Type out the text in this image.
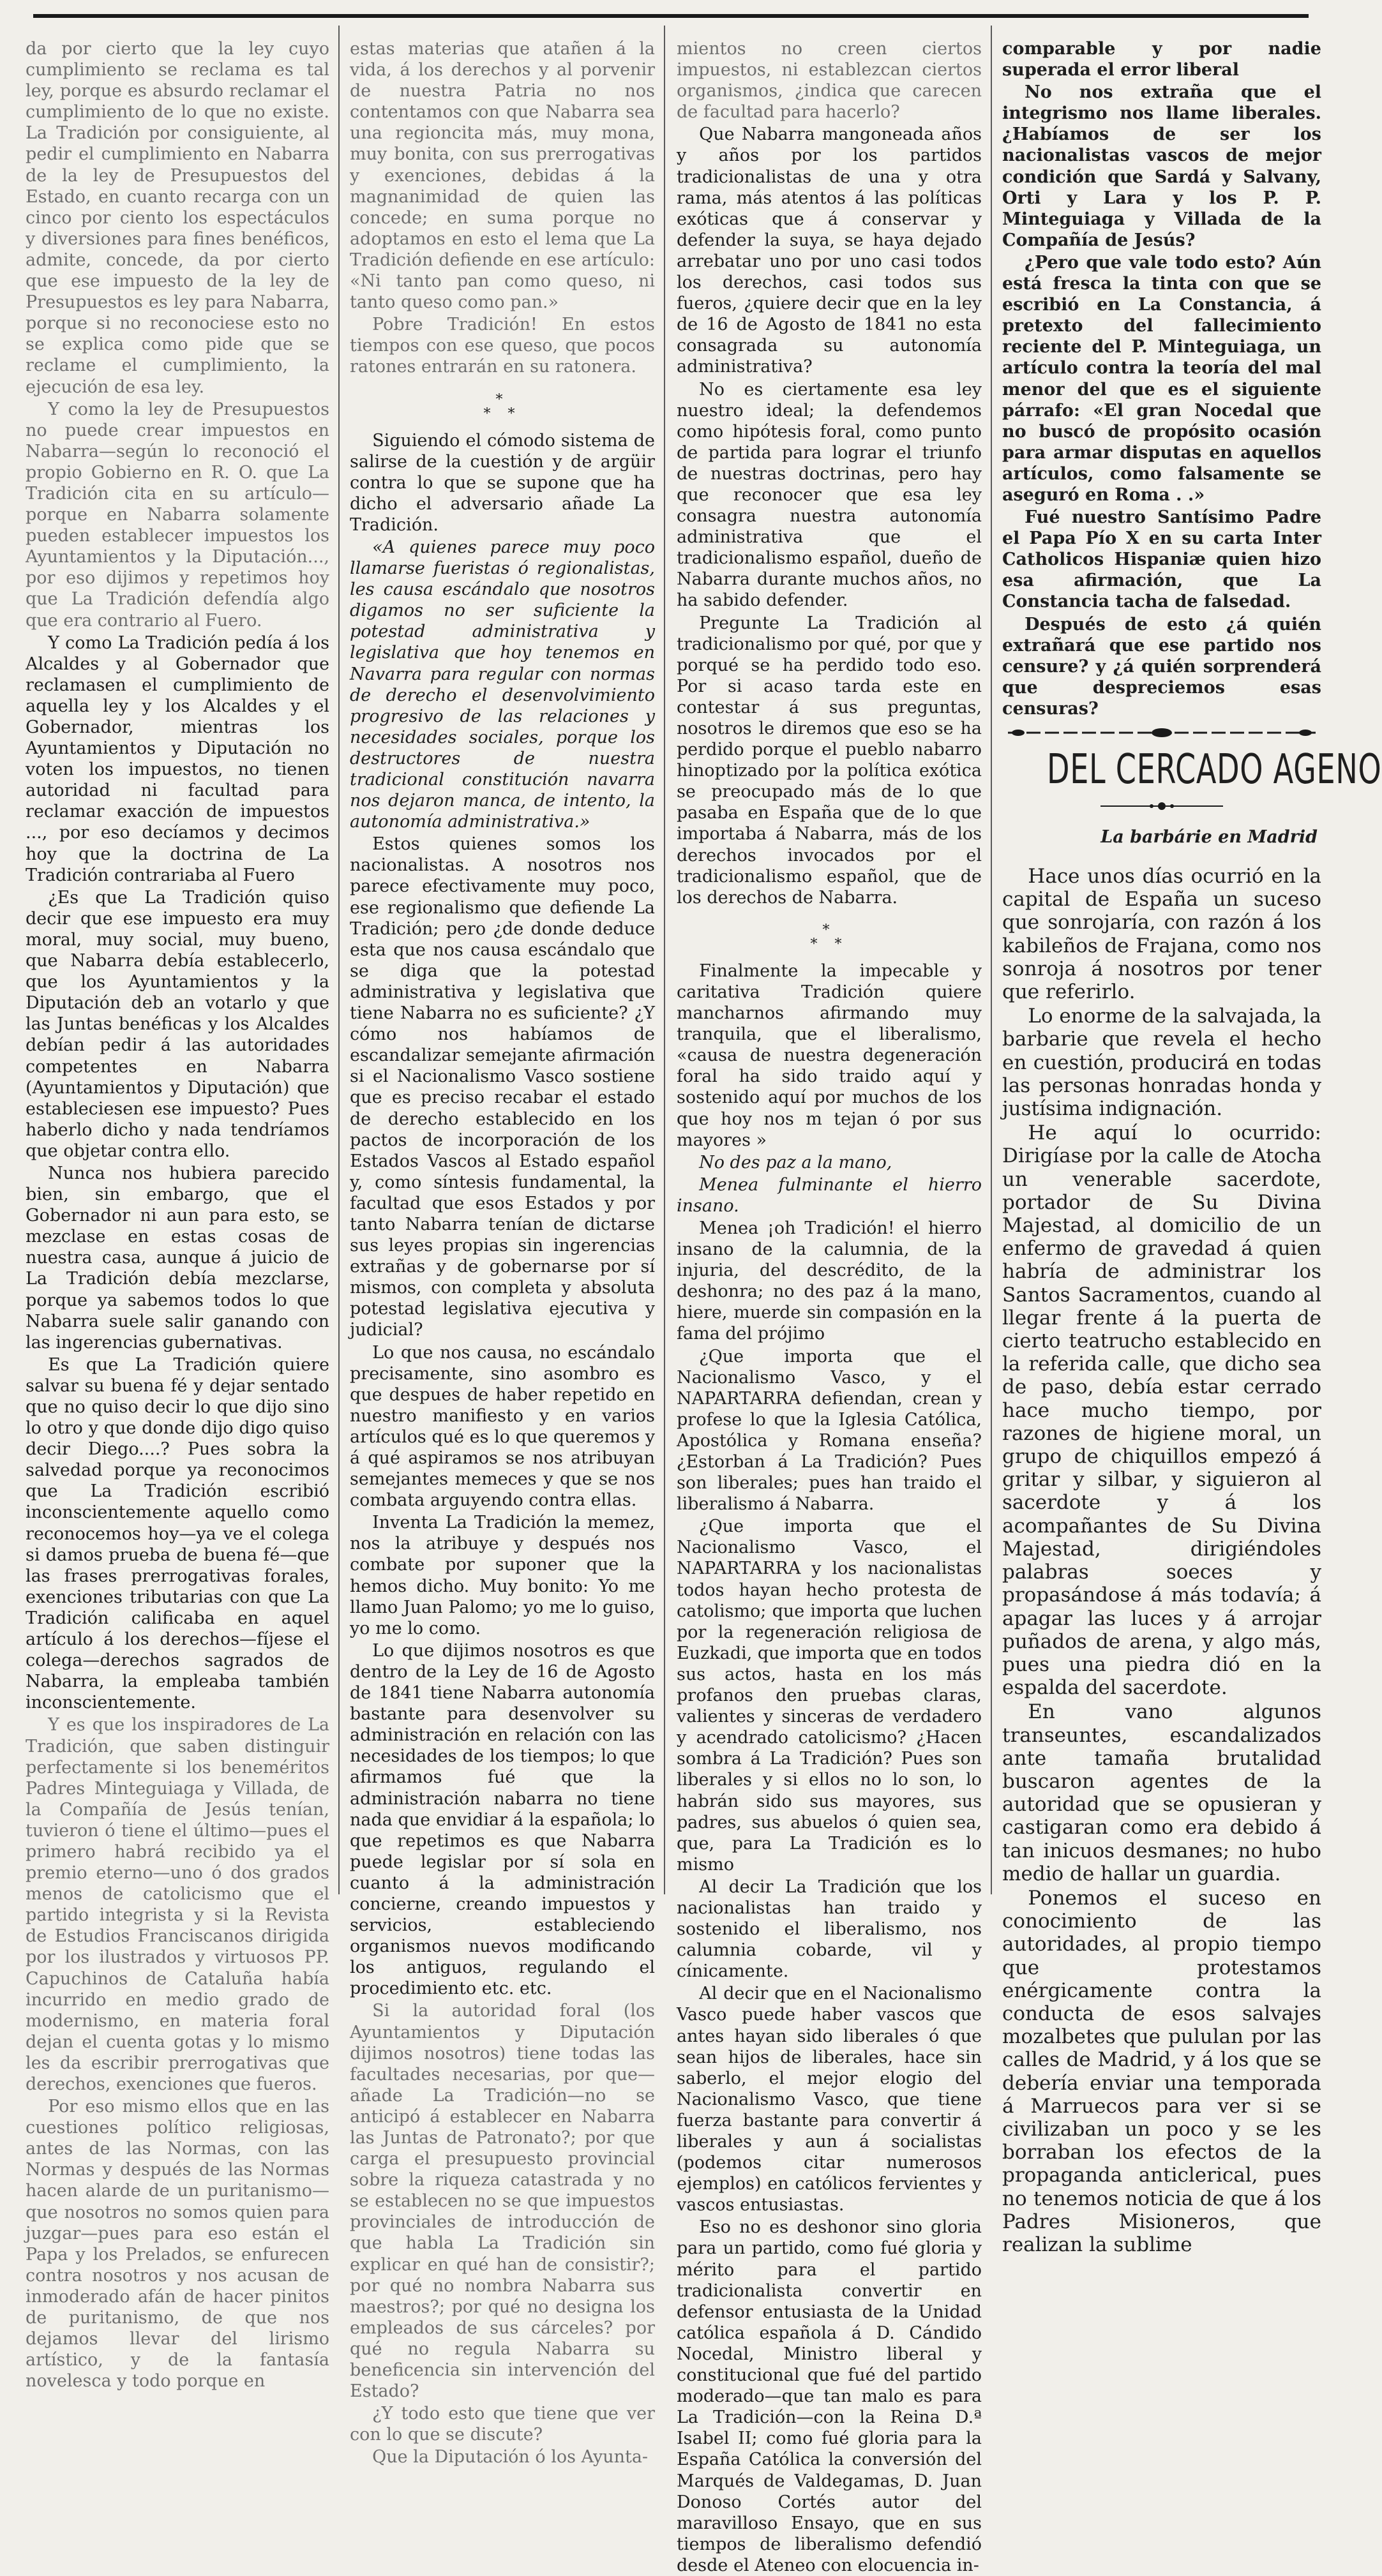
da por cierto que la ley cuyo cumplimiento se reclama es tal ley, porque es absurdo reclamar el cumplimiento de lo que no existe. La Tradición por consiguiente, al pedir el cumplimiento en Nabarra de la ley de Presupuestos del Estado, en cuanto recarga con un cinco por ciento los espectáculos y diversiones para fines benéficos, admite, concede, da por cierto que ese impuesto de la ley de Presupuestos es ley para Nabarra, porque si no reconociese esto no se explica como pide que se reclame el cumplimiento, la ejecución de esa ley.

Y como la ley de Presupuestos no puede crear impuestos en Nabarra—según lo reconoció el propio Gobierno en R. O. que La Tradición cita en su artículo—porque en Nabarra solamente pueden establecer impuestos los Ayuntamientos y la Diputación..., por eso dijimos y repetimos hoy que La Tradición defendía algo que era contrario al Fuero.

Y como La Tradición pedía á los Alcaldes y al Gobernador que reclamasen el cumplimiento de aquella ley y los Alcaldes y el Gobernador, mientras los Ayuntamientos y Diputación no voten los impuestos, no tienen autoridad ni facultad para reclamar exacción de impuestos ..., por eso decíamos y decimos hoy que la doctrina de La Tradición contrariaba al Fuero

¿Es que La Tradición quiso decir que ese impuesto era muy moral, muy social, muy bueno, que Nabarra debía establecerlo, que los Ayuntamientos y la Diputación deb an votarlo y que las Juntas benéficas y los Alcaldes debían pedir á las autoridades competentes en Nabarra (Ayuntamientos y Diputación) que estableciesen ese impuesto? Pues haberlo dicho y nada tendríamos que objetar contra ello.

Nunca nos hubiera parecido bien, sin embargo, que el Gobernador ni aun para esto, se mezclase en estas cosas de nuestra casa, aunque á juicio de La Tradición debía mezclarse, porque ya sabemos todos lo que Nabarra suele salir ganando con las ingerencias gubernativas.

Es que La Tradición quiere salvar su buena fé y dejar sentado que no quiso decir lo que dijo sino lo otro y que donde dijo digo quiso decir Diego....? Pues sobra la salvedad porque ya reconocimos que La Tradición escribió inconscientemente aquello como reconocemos hoy—ya ve el colega si damos prueba de buena fé—que las frases prerrogativas forales, exenciones tributarias con que La Tradición calificaba en aquel artículo á los derechos—fíjese el colega—derechos sagrados de Nabarra, la empleaba también inconscientemente.

Y es que los inspiradores de La Tradición, que saben distinguir perfectamente si los beneméritos Padres Minteguiaga y Villada, de la Compañía de Jesús tenían, tuvieron ó tiene el último—pues el primero habrá recibido ya el premio eterno—uno ó dos grados menos de catolicismo que el partido integrista y si la Revista de Estudios Franciscanos dirigida por los ilustrados y virtuosos PP. Capuchinos de Cataluña había incurrido en medio grado de modernismo, en materia foral dejan el cuenta gotas y lo mismo les da escribir prerrogativas que derechos, exenciones que fueros.

Por eso mismo ellos que en las cuestiones político religiosas, antes de las Normas, con las Normas y después de las Normas hacen alarde de un puritanismo—que nosotros no somos quien para juzgar—pues para eso están el Papa y los Prelados, se enfurecen contra nosotros y nos acusan de inmoderado afán de hacer pinitos de puritanismo, de que nos dejamos llevar del lirismo artístico, y de la fantasía novelesca y todo porque en

estas materias que atañen á la vida, á los derechos y al porvenir de nuestra Patria no nos contentamos con que Nabarra sea una regioncita más, muy mona, muy bonita, con sus prerrogativas y exenciones, debidas á la magnanimidad de quien las concede; en suma porque no adoptamos en esto el lema que La Tradición defiende en ese artículo: «Ni tanto pan como queso, ni tanto queso como pan.»

Pobre Tradición! En estos tiempos con ese queso, que pocos ratones entrarán en su ratonera.

*
* *

Siguiendo el cómodo sistema de salirse de la cuestión y de argüir contra lo que se supone que ha dicho el adversario añade La Tradición.

«A quienes parece muy poco llamarse fueristas ó regionalistas, les causa escándalo que nosotros digamos no ser suficiente la potestad administrativa y legislativa que hoy tenemos en Navarra para regular con normas de derecho el desenvolvimiento progresivo de las relaciones y necesidades sociales, porque los destructores de nuestra tradicional constitución navarra nos dejaron manca, de intento, la autonomía administrativa.»

Estos quienes somos los nacionalistas. A nosotros nos parece efectivamente muy poco, ese regionalismo que defiende La Tradición; pero ¿de donde deduce esta que nos causa escándalo que se diga que la potestad administrativa y legislativa que tiene Nabarra no es suficiente? ¿Y cómo nos habíamos de escandalizar semejante afirmación si el Nacionalismo Vasco sostiene que es preciso recabar el estado de derecho establecido en los pactos de incorporación de los Estados Vascos al Estado español y, como síntesis fundamental, la facultad que esos Estados y por tanto Nabarra tenían de dictarse sus leyes propias sin ingerencias extrañas y de gobernarse por sí mismos, con completa y absoluta potestad legislativa ejecutiva y judicial?

Lo que nos causa, no escándalo precisamente, sino asombro es que despues de haber repetido en nuestro manifiesto y en varios artículos qué es lo que queremos y á qué aspiramos se nos atribuyan semejantes memeces y que se nos combata arguyendo contra ellas.

Inventa La Tradición la memez, nos la atribuye y después nos combate por suponer que la hemos dicho. Muy bonito: Yo me llamo Juan Palomo; yo me lo guiso, yo me lo como.

Lo que dijimos nosotros es que dentro de la Ley de 16 de Agosto de 1841 tiene Nabarra autonomía bastante para desenvolver su administración en relación con las necesidades de los tiempos; lo que afirmamos fué que la administración nabarra no tiene nada que envidiar á la española; lo que repetimos es que Nabarra puede legislar por sí sola en cuanto á la administración concierne, creando impuestos y servicios, estableciendo organismos nuevos modificando los antiguos, regulando el procedimiento etc. etc.

Si la autoridad foral (los Ayuntamientos y Diputación dijimos nosotros) tiene todas las facultades necesarias, por que—añade La Tradición—no se anticipó á establecer en Nabarra las Juntas de Patronato?; por que carga el presupuesto provincial sobre la riqueza catastrada y no se establecen no se que impuestos provinciales de introducción de que habla La Tradición sin explicar en qué han de consistir?; por qué no nombra Nabarra sus maestros?; por qué no designa los empleados de sus cárceles? por qué no regula Nabarra su beneficencia sin intervención del Estado?

¿Y todo esto que tiene que ver con lo que se discute?

Que la Diputación ó los Ayunta-

mientos no creen ciertos impuestos, ni establezcan ciertos organismos, ¿indica que carecen de facultad para hacerlo?

Que Nabarra mangoneada años y años por los partidos tradicionalistas de una y otra rama, más atentos á las políticas exóticas que á conservar y defender la suya, se haya dejado arrebatar uno por uno casi todos los derechos, casi todos sus fueros, ¿quiere decir que en la ley de 16 de Agosto de 1841 no esta consagrada su autonomía administrativa?

No es ciertamente esa ley nuestro ideal; la defendemos como hipótesis foral, como punto de partida para lograr el triunfo de nuestras doctrinas, pero hay que reconocer que esa ley consagra nuestra autonomía administrativa que el tradicionalismo español, dueño de Nabarra durante muchos años, no ha sabido defender.

Pregunte La Tradición al tradicionalismo por qué, por que y porqué se ha perdido todo eso. Por si acaso tarda este en contestar á sus preguntas, nosotros le diremos que eso se ha perdido porque el pueblo nabarro hinoptizado por la política exótica se preocupado más de lo que pasaba en España que de lo que importaba á Nabarra, más de los derechos invocados por el tradicionalismo español, que de los derechos de Nabarra.

*
* *

Finalmente la impecable y caritativa Tradición quiere mancharnos afirmando muy tranquila, que el liberalismo, «causa de nuestra degeneración foral ha sido traido aquí y sostenido aquí por muchos de los que hoy nos m tejan ó por sus mayores »

No des paz a la mano,

Menea fulminante el hierro insano.

Menea ¡oh Tradición! el hierro insano de la calumnia, de la injuria, del descrédito, de la deshonra; no des paz á la mano, hiere, muerde sin compasión en la fama del prójimo

¿Que importa que el Nacionalismo Vasco, y el NAPARTARRA defiendan, crean y profese lo que la Iglesia Católica, Apostólica y Romana enseña? ¿Estorban á La Tradición? Pues son liberales; pues han traido el liberalismo á Nabarra.

¿Que importa que el Nacionalismo Vasco, el NAPARTARRA y los nacionalistas todos hayan hecho protesta de catolismo; que importa que luchen por la regeneración religiosa de Euzkadi, que importa que en todos sus actos, hasta en los más profanos den pruebas claras, valientes y sinceras de verdadero y acendrado catolicismo? ¿Hacen sombra á La Tradición? Pues son liberales y si ellos no lo son, lo habrán sido sus mayores, sus padres, sus abuelos ó quien sea, que, para La Tradición es lo mismo

Al decir La Tradición que los nacionalistas han traido y sostenido el liberalismo, nos calumnia cobarde, vil y cínicamente.

Al decir que en el Nacionalismo Vasco puede haber vascos que antes hayan sido liberales ó que sean hijos de liberales, hace sin saberlo, el mejor elogio del Nacionalismo Vasco, que tiene fuerza bastante para convertir á liberales y aun á socialistas (podemos citar numerosos ejemplos) en católicos fervientes y vascos entusiastas.

Eso no es deshonor sino gloria para un partido, como fué gloria y mérito para el partido tradicionalista convertir en defensor entusiasta de la Unidad católica española á D. Cándido Nocedal, Ministro liberal y constitucional que fué del partido moderado—que tan malo es para La Tradición—con la Reina D.ª Isabel II; como fué gloria para la España Católica la conversión del Marqués de Valdegamas, D. Juan Donoso Cortés autor del maravilloso Ensayo, que en sus tiempos de liberalismo defendió desde el Ateneo con elocuencia in-

comparable y por nadie superada el error liberal

No nos extraña que el integrismo nos llame liberales. ¿Habíamos de ser los nacionalistas vascos de mejor condición que Sardá y Salvany, Orti y Lara y los P. P. Minteguiaga y Villada de la Compañía de Jesús?

¿Pero que vale todo esto? Aún está fresca la tinta con que se escribió en La Constancia, á pretexto del fallecimiento reciente del P. Minteguiaga, un artículo contra la teoría del mal menor del que es el siguiente párrafo: «El gran Nocedal que no buscó de propósito ocasión para armar disputas en aquellos artículos, como falsamente se aseguró en Roma . .»

Fué nuestro Santísimo Padre el Papa Pío X en su carta Inter Catholicos Hispaniæ quien hizo esa afirmación, que La Constancia tacha de falsedad.

Después de esto ¿á quién extrañará que ese partido nos censure? y ¿á quién sorprenderá que despreciemos esas censuras?

DEL CERCADO AGENO
La barbárie en Madrid

Hace unos días ocurrió en la capital de España un suceso que sonrojaría, con razón á los kabileños de Frajana, como nos sonroja á nosotros por tener que referirlo.

Lo enorme de la salvajada, la barbarie que revela el hecho en cuestión, producirá en todas las personas honradas honda y justísima indignación.

He aquí lo ocurrido: Dirigíase por la calle de Atocha un venerable sacerdote, portador de Su Divina Majestad, al domicilio de un enfermo de gravedad á quien habría de administrar los Santos Sacramentos, cuando al llegar frente á la puerta de cierto teatrucho establecido en la referida calle, que dicho sea de paso, debía estar cerrado hace mucho tiempo, por razones de higiene moral, un grupo de chiquillos empezó á gritar y silbar, y siguieron al sacerdote y á los acompañantes de Su Divina Majestad, dirigiéndoles palabras soeces y propasándose á más todavía; á apagar las luces y á arrojar puñados de arena, y algo más, pues una piedra dió en la espalda del sacerdote.

En vano algunos transeuntes, escandalizados ante tamaña brutalidad buscaron agentes de la autoridad que se opusieran y castigaran como era debido á tan inicuos desmanes; no hubo medio de hallar un guardia.

Ponemos el suceso en conocimiento de las autoridades, al propio tiempo que protestamos enérgicamente contra la conducta de esos salvajes mozalbetes que pululan por las calles de Madrid, y á los que se debería enviar una temporada á Marruecos para ver si se civilizaban un poco y se les borraban los efectos de la propaganda anticlerical, pues no tenemos noticia de que á los Padres Misioneros, que realizan la sublime
